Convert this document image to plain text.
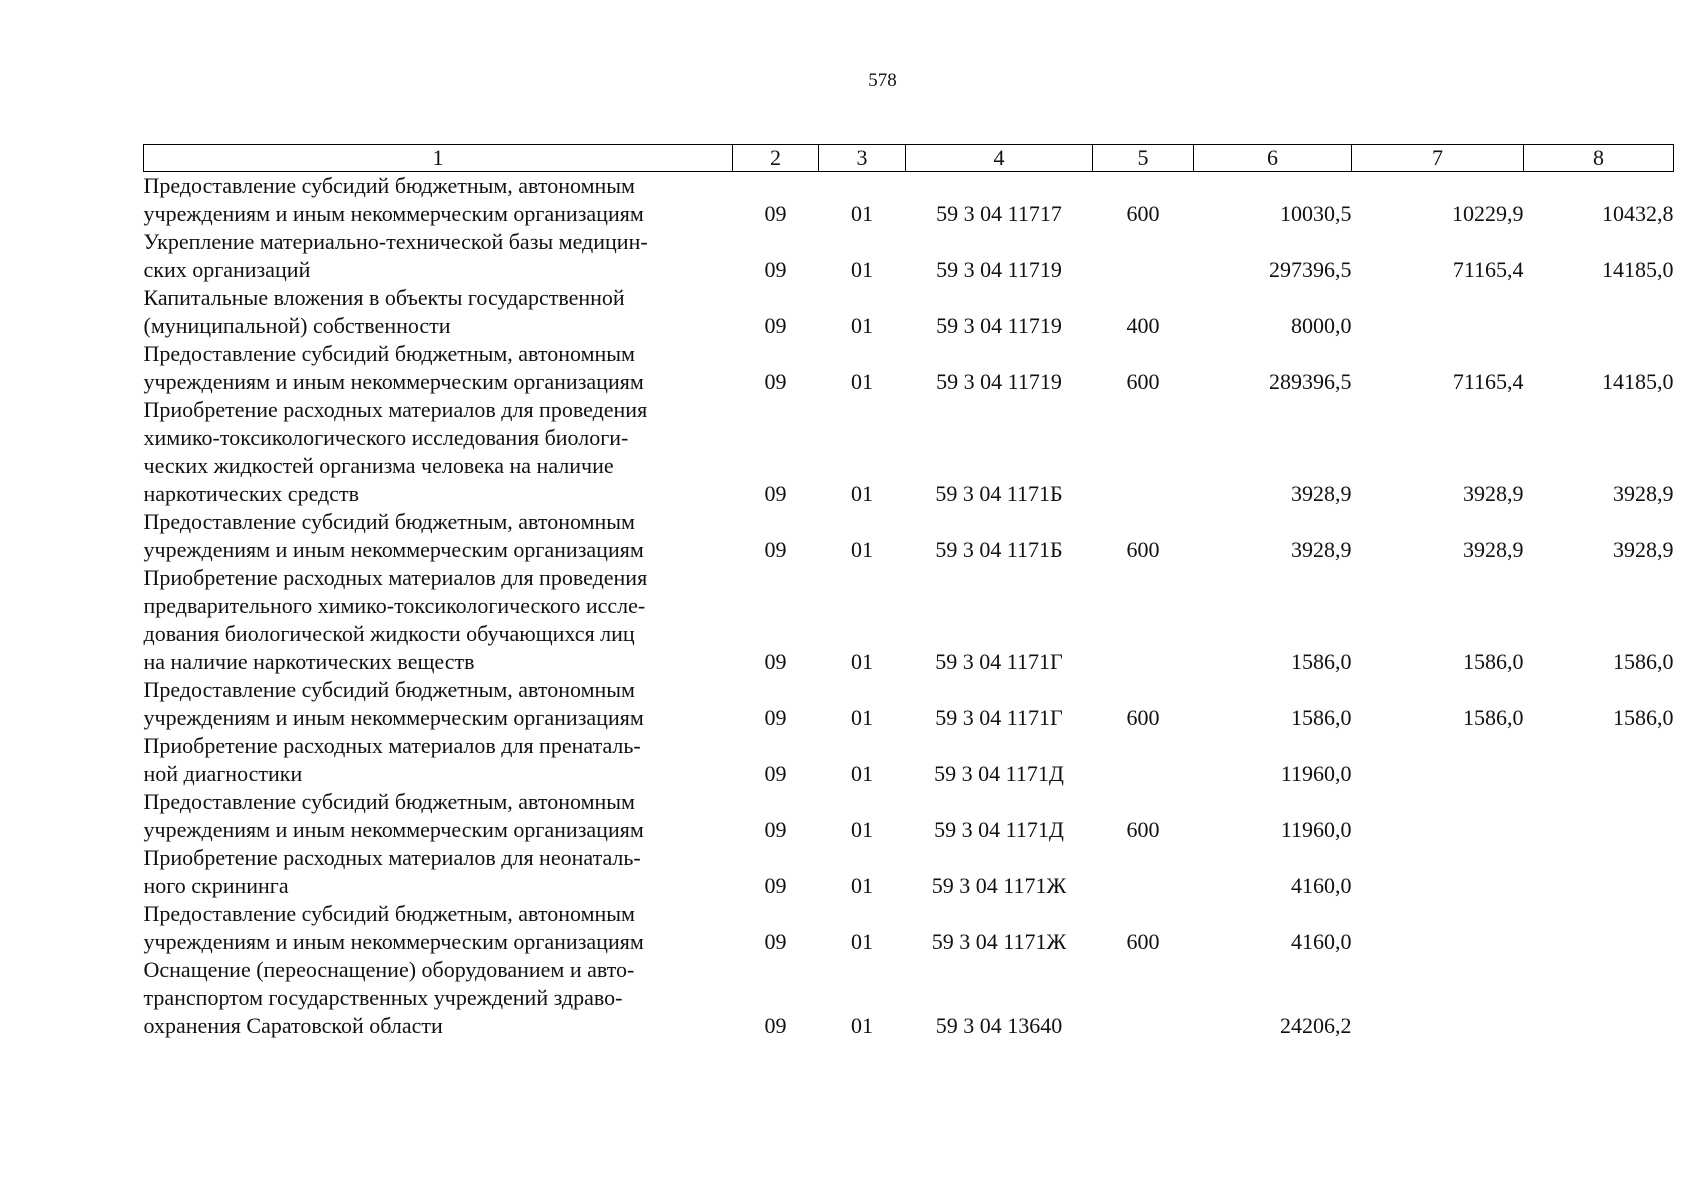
578
1	2	3	4	5	6	7	8

Предоставление субсидий бюджетным, автономным
учреждениям и иным некоммерческим организациям	09	01	59 3 04 11717	600	10030,5	10229,9	10432,8

Укрепление материально-технической базы медицин-
ских организаций	09	01	59 3 04 11719		297396,5	71165,4	14185,0

Капитальные вложения в объекты государственной
(муниципальной) собственности	09	01	59 3 04 11719	400	8000,0		

Предоставление субсидий бюджетным, автономным
учреждениям и иным некоммерческим организациям	09	01	59 3 04 11719	600	289396,5	71165,4	14185,0

Приобретение расходных материалов для проведения
химико-токсикологического исследования биологи-
ческих жидкостей организма человека на наличие
наркотических средств	09	01	59 3 04 1171Б		3928,9	3928,9	3928,9

Предоставление субсидий бюджетным, автономным
учреждениям и иным некоммерческим организациям	09	01	59 3 04 1171Б	600	3928,9	3928,9	3928,9

Приобретение расходных материалов для проведения
предварительного химико-токсикологического иссле-
дования биологической жидкости обучающихся лиц
на наличие наркотических веществ	09	01	59 3 04 1171Г		1586,0	1586,0	1586,0

Предоставление субсидий бюджетным, автономным
учреждениям и иным некоммерческим организациям	09	01	59 3 04 1171Г	600	1586,0	1586,0	1586,0

Приобретение расходных материалов для пренаталь-
ной диагностики	09	01	59 3 04 1171Д		11960,0		

Предоставление субсидий бюджетным, автономным
учреждениям и иным некоммерческим организациям	09	01	59 3 04 1171Д	600	11960,0		

Приобретение расходных материалов для неонаталь-
ного скрининга	09	01	59 3 04 1171Ж		4160,0		

Предоставление субсидий бюджетным, автономным
учреждениям и иным некоммерческим организациям	09	01	59 3 04 1171Ж	600	4160,0		

Оснащение (переоснащение) оборудованием и авто-
транспортом государственных учреждений здраво-
охранения Саратовской области	09	01	59 3 04 13640		24206,2		
